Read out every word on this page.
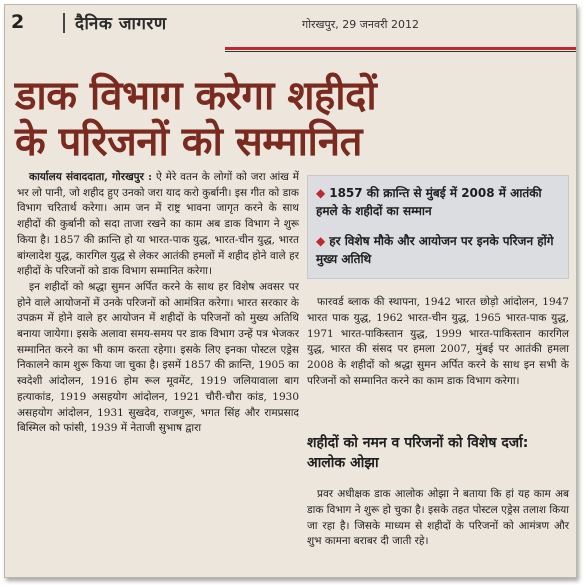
2	दैनिक जागरण	गोरखपुर, 29 जनवरी 2012
डाक विभाग करेगा शहीदों
के परिजनों को सम्मानित

कार्यालय संवाददाता, गोरखपुर : ऐ मेरे वतन के लोगों को जरा आंख में भर लो पानी, जो शहीद हुए उनको जरा याद करो कुर्बानी। इस गीत को डाक विभाग चरितार्थ करेगा। आम जन में राष्ट्र भावना जागृत करने के साथ शहीदों की कुर्बानी को सदा ताजा रखने का काम अब डाक विभाग ने शुरू किया है। 1857 की क्रान्ति हो या भारत-पाक युद्ध, भारत-चीन युद्ध, भारत बांग्लादेश युद्ध, कारगिल युद्ध से लेकर आतंकी हमलों में शहीद होने वाले हर शहीदों के परिजनों को डाक विभाग सम्मानित करेगा।

इन शहीदों को श्रद्धा सुमन अर्पित करने के साथ हर विशेष अवसर पर होने वाले आयोजनों में उनके परिजनों को आमंत्रित करेगा। भारत सरकार के उपक्रम में होने वाले हर आयोजन में शहीदों के परिजनों को मुख्य अतिथि बनाया जायेगा। इसके अलावा समय-समय पर डाक विभाग उन्हें पत्र भेजकर सम्मानित करने का भी काम करता रहेगा। इसके लिए इनका पोस्टल एड्रेस निकालने काम शुरू किया जा चुका है। इसमें 1857 की क्रान्ति, 1905 का स्वदेशी आंदोलन, 1916 होम रूल मूवमेंट, 1919 जलियावाला बाग हत्याकांड, 1919 असहयोग आंदोलन, 1921 चौरी-चौरा कांड, 1930 असहयोग आंदोलन, 1931 सुखदेव, राजगुरू, भगत सिंह और रामप्रसाद बिस्मिल को फांसी, 1939 में नेताजी सुभाष द्वारा

◆ 1857 की क्रान्ति से मुंबई में 2008 में आतंकी हमले के शहीदों का सम्मान
◆ हर विशेष मौके और आयोजन पर इनके परिजन होंगे मुख्य अतिथि

फारवर्ड ब्लाक की स्थापना, 1942 भारत छोड़ो आंदोलन, 1947 भारत पाक युद्ध, 1962 भारत-चीन युद्ध, 1965 भारत-पाक युद्ध, 1971 भारत-पाकिस्तान युद्ध, 1999 भारत-पाकिस्तान कारगिल युद्ध, भारत की संसद पर हमला 2007, मुंबई पर आतंकी हमला 2008 के शहीदों को श्रद्धा सुमन अर्पित करने के साथ इन सभी के परिजनों को सम्मानित करने का काम डाक विभाग करेगा।

शहीदों को नमन व परिजनों को विशेष दर्जा: आलोक ओझा

प्रवर अधीक्षक डाक आलोक ओझा ने बताया कि हां यह काम अब डाक विभाग ने शुरू हो चुका है। इसके तहत पोस्टल एड्रेस तलाश किया जा रहा है। जिसके माध्यम से शहीदों के परिजनों को आमंत्रण और शुभ कामना बराबर दी जाती रहे।
